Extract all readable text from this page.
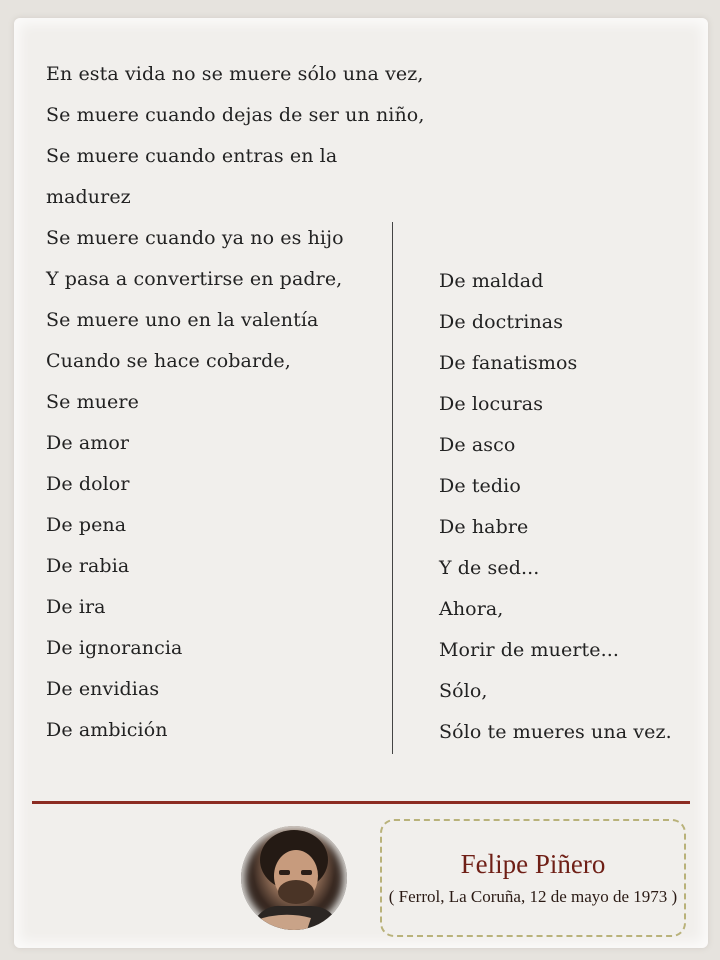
En esta vida no se muere sólo una vez,
Se muere cuando dejas de ser un niño,
Se muere cuando entras en la
madurez
Se muere cuando ya no es hijo
Y pasa a convertirse en padre,
Se muere uno en la valentía
Cuando se hace cobarde,
Se muere
De amor
De dolor
De pena
De rabia
De ira
De ignorancia
De envidias
De ambición
De maldad
De doctrinas
De fanatismos
De locuras
De asco
De tedio
De habre
Y de sed...
Ahora,
Morir de muerte...
Sólo,
Sólo te mueres una vez.
Felipe Piñero
( Ferrol, La Coruña, 12 de mayo de 1973 )
